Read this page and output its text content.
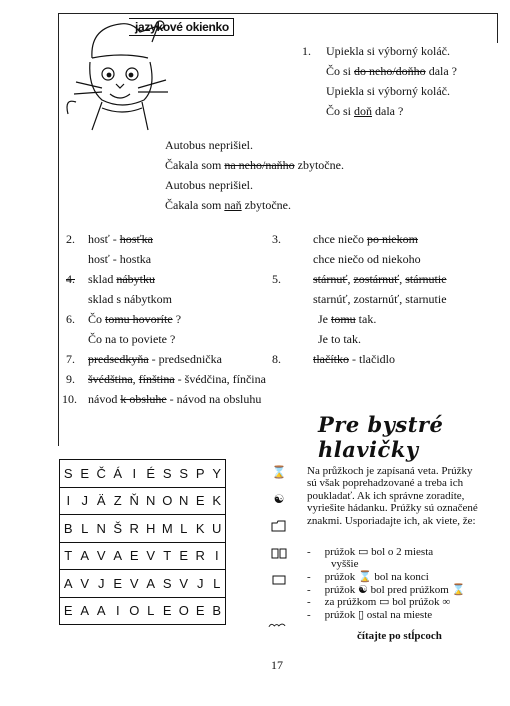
jazykové okienko
1. Upiekla si výborný koláč.
Čo si do neho/doňho dala ?
Upiekla si výborný koláč.
Čo si doň dala ?
Autobus neprišiel.
Čakala som na neho/naňho zbytočne.
Autobus neprišiel.
Čakala som naň zbytočne.
2. hosť - hosťka
hosť - hostka
4. sklad nábytku
sklad s nábytkom
6. Čo tomu hovoríte ?
Čo na to poviete ?
7. predsedkyňa - predsednička
9. švédština, fínština - švédčina, fínčina
10. návod k obsluhe - návod na obsluhu
3.	chce niečo po niekom
chce niečo od niekoho
5.	stárnuť, zostárnuť, stárnutie
starnúť, zostarnúť, starnutie
Je tomu tak.
Je to tak.
8.	tlačítko - tlačidlo
Pre bystré hlavičky
S	E	Č	Á	I	É	S	S	P	Y
I	J	Ä	Z	Ň	N	O	N	E	K
B	L	N	Š	R	H	M	L	K	U
T	A	V	A	E	V	T	E	R	I
A	V	J	E	V	A	S	V	J	L
E	A	A	I	O	L	E	O	E	B
⌛
☯

Na průžkoch je zapísaná veta. Prúžky sú však poprehadzované a treba ich poukladať. Ak ich správne zoradíte, vyriešite hádanku. Prúžky sú označené znakmi. Usporiadajte ich, ak viete, že:

- prúžok ▭ bol o 2 miesta
vyššie
- prúžok ⌛ bol na konci
- prúžok ☯ bol pred prúžkom ⌛
- za prúžkom ▭ bol prúžok ∞
- prúžok ▯ ostal na mieste
čítajte po stĺpcoch
17
